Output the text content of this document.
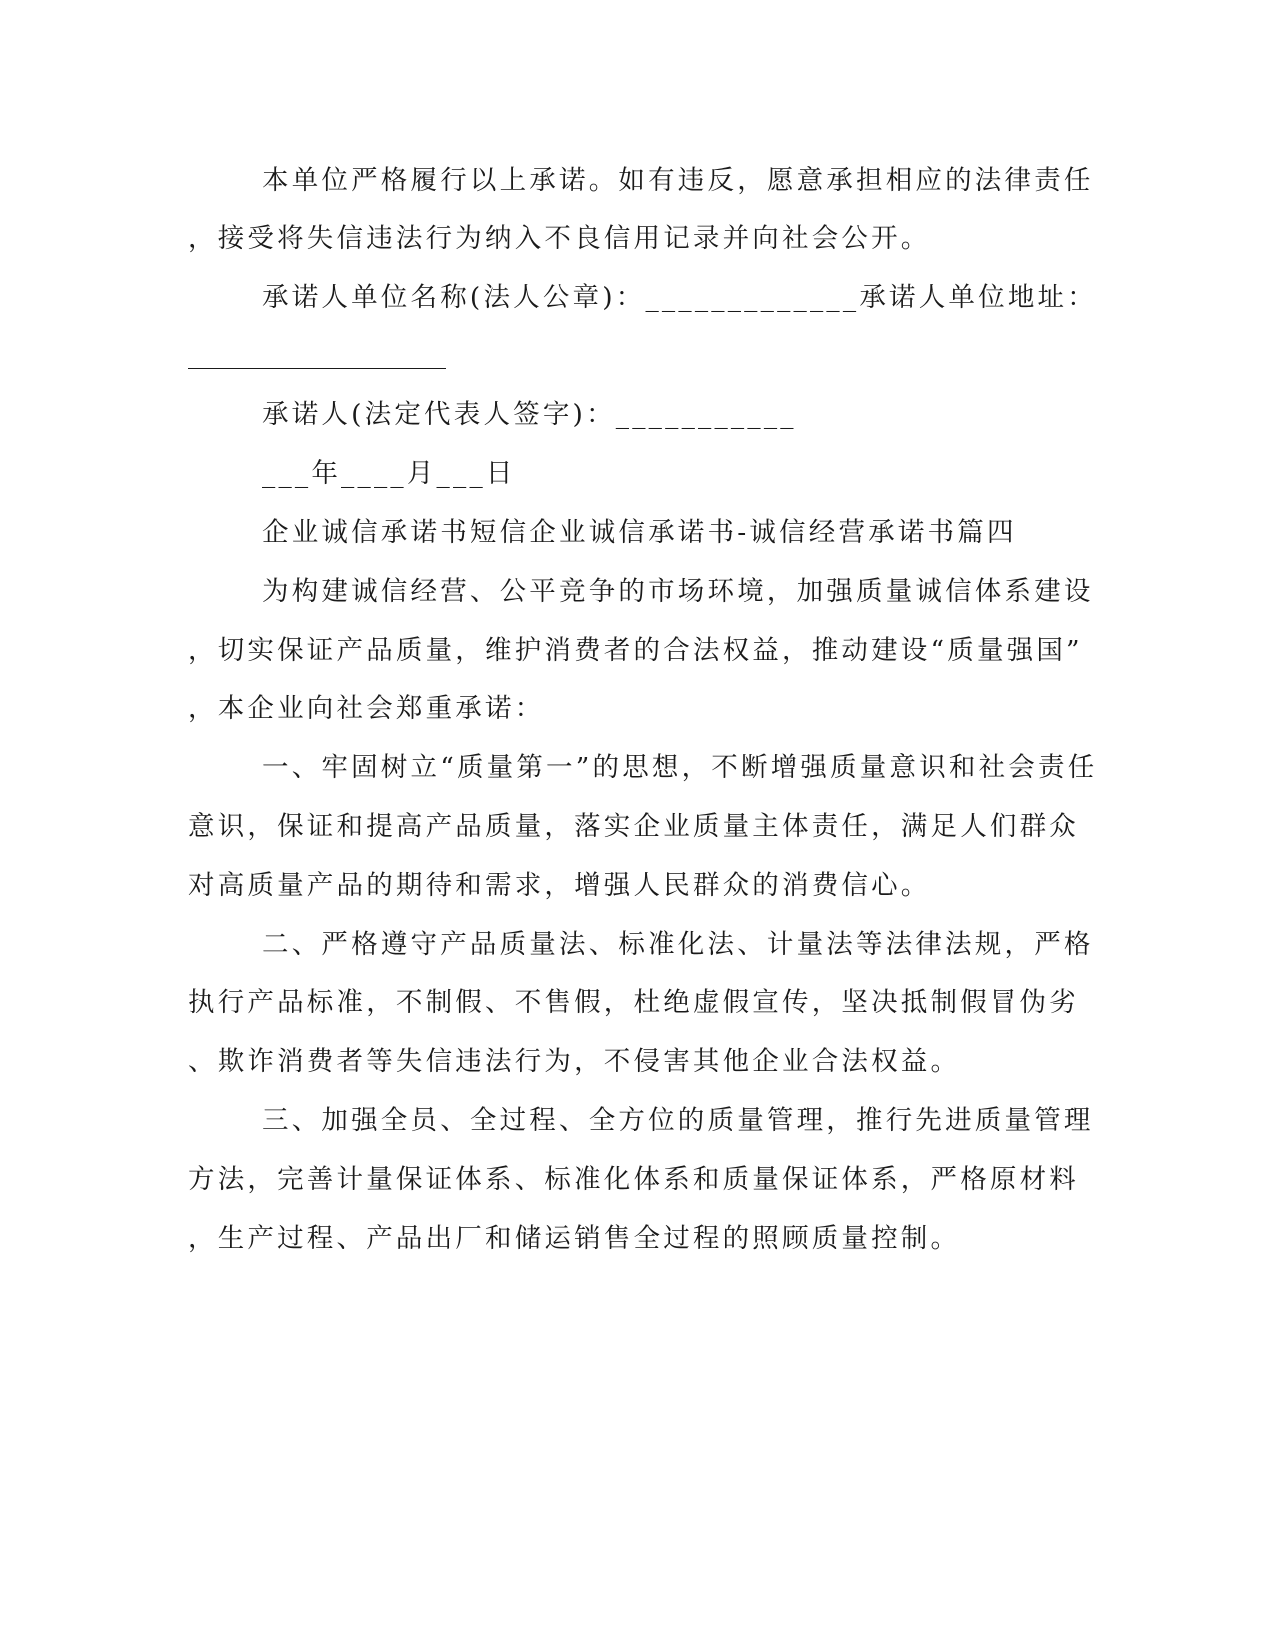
本单位严格履行以上承诺。如有违反，愿意承担相应的法律责任
，接受将失信违法行为纳入不良信用记录并向社会公开。
承诺人单位名称(法人公章)：_____________承诺人单位地址：
承诺人(法定代表人签字)：___________
___年____月___日
企业诚信承诺书短信企业诚信承诺书-诚信经营承诺书篇四
为构建诚信经营、公平竞争的市场环境，加强质量诚信体系建设
，切实保证产品质量，维护消费者的合法权益，推动建设“质量强国”
，本企业向社会郑重承诺：
一、牢固树立“质量第一”的思想，不断增强质量意识和社会责任
意识，保证和提高产品质量，落实企业质量主体责任，满足人们群众
对高质量产品的期待和需求，增强人民群众的消费信心。
二、严格遵守产品质量法、标准化法、计量法等法律法规，严格
执行产品标准，不制假、不售假，杜绝虚假宣传，坚决抵制假冒伪劣
、欺诈消费者等失信违法行为，不侵害其他企业合法权益。
三、加强全员、全过程、全方位的质量管理，推行先进质量管理
方法，完善计量保证体系、标准化体系和质量保证体系，严格原材料
，生产过程、产品出厂和储运销售全过程的照顾质量控制。
